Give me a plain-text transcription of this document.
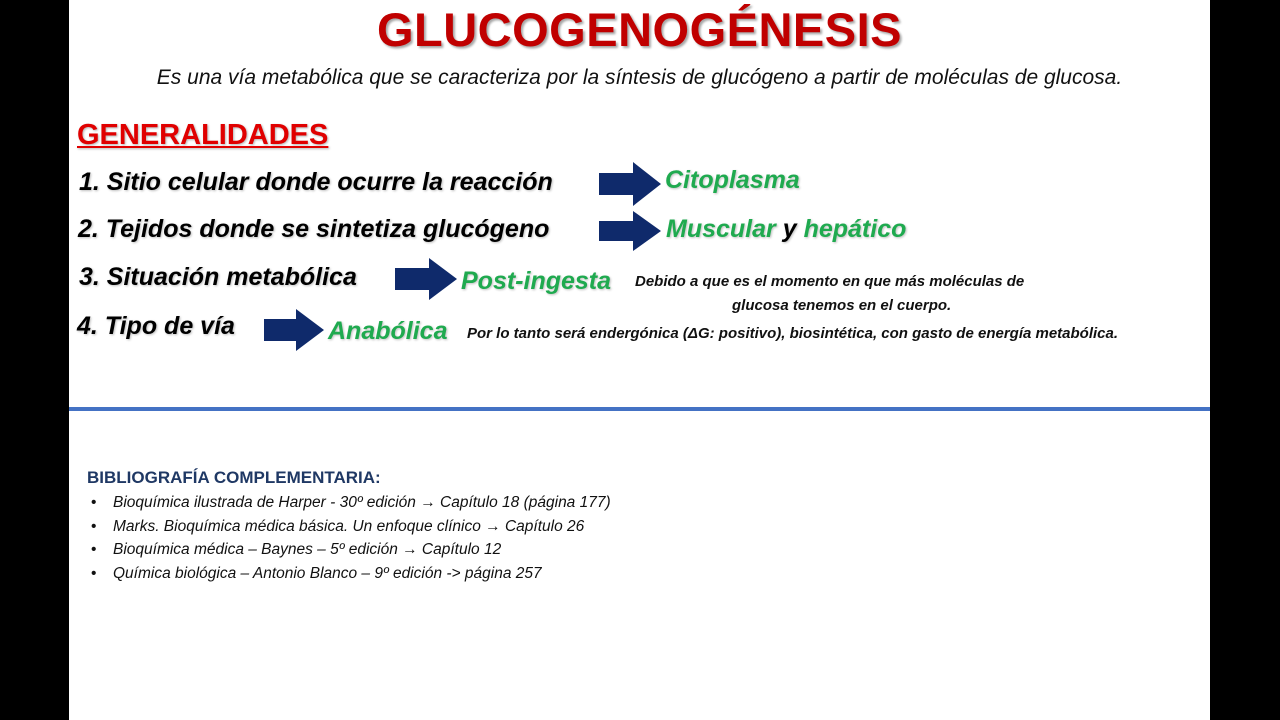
GLUCOGENOGÉNESIS
Es una vía metabólica que se caracteriza por la síntesis de glucógeno a partir de moléculas de glucosa.
GENERALIDADES
1. Sitio celular donde ocurre la reacción	Citoplasma
2. Tejidos donde se sintetiza glucógeno	Muscular y hepático
3. Situación metabólica	Post-ingesta Debido a que es el momento en que más moléculas de
glucosa tenemos en el cuerpo.
4. Tipo de vía	Anabólica Por lo tanto será endergónica (ΔG: positivo), biosintética, con gasto de energía metabólica.
BIBLIOGRAFÍA COMPLEMENTARIA:
• Bioquímica ilustrada de Harper - 30º edición → Capítulo 18 (página 177)
• Marks. Bioquímica médica básica. Un enfoque clínico → Capítulo 26
• Bioquímica médica – Baynes – 5º edición → Capítulo 12
• Química biológica – Antonio Blanco – 9º edición -> página 257
